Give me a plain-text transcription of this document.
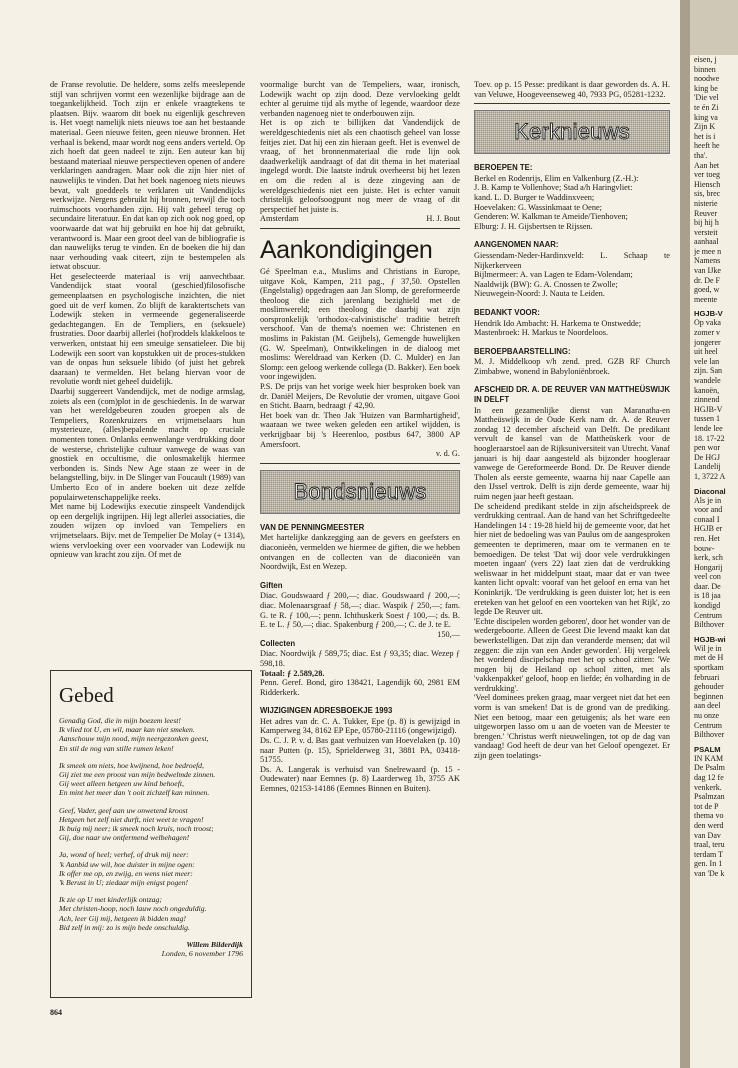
de Franse revolutie. De heldere, soms zelfs meeslepende stijl van schrijven vormt een wezenlijke bijdrage aan de toegankelijkheid. Toch zijn er enkele vraagtekens te plaatsen. Bijv. waarom dit boek nu eigenlijk geschreven is. Het voegt namelijk niets nieuws toe aan het bestaande materiaal. Geen nieuwe feiten, geen nieuwe bronnen. Het verhaal is bekend, maar wordt nog eens anders verteld. Op zich hoeft dat geen nadeel te zijn. Een auteur kan bij bestaand materiaal nieuwe perspectieven openen of andere verklaringen aandragen. Maar ook die zijn hier niet of nauwelijks te vinden. Dat het boek nagenoeg niets nieuws bevat, valt goeddeels te verklaren uit Vandendijcks werkwijze. Nergens gebruikt hij bronnen, terwijl die toch ruimschoots voorhanden zijn. Hij valt geheel terug op secundaire literatuur. En dat kan op zich ook nog goed, op voorwaarde dat wat hij gebruikt en hoe hij dat gebruikt, verantwoord is. Maar een groot deel van de bibliografie is dan nauwelijks terug te vinden. En de boeken die hij dan naar verhouding vaak citeert, zijn te bestempelen als ietwat obscuur.

Het geselecteerde materiaal is vrij aanvechtbaar. Vandendijck staat vooral (geschied)filosofische gemeenplaatsen en psychologische inzichten, die niet goed uit de verf komen. Zo blijft de karaktertschets van Lodewijk steken in vermeende gegeneraliseerde gedachtegangen. En de Templiers, en (seksuele) frustraties. Door daarbij allerlei (hof)roddels klakkeloos te verwerken, ontstaat hij een smeuïge sensatieleer. Die bij Lodewijk een soort van kopstukken uit de proces-stukken van de onpas hun seksuele libido (of juist het gebrek daaraan) te vermelden. Het belang hiervan voor de revolutie wordt niet geheel duidelijk.

Daarbij suggereert Vandendijck, met de nodige armslag, zoiets als een (com)plot in de geschiedenis. In de warwar van het wereldgebeuren zouden groepen als de Tempeliers, Rozenkruizers en vrijmetselaars hun mysterieuze, (alles)bepalende macht op cruciale momenten tonen. Onlanks eenwenlange verdrukking door de westerse, christelijke cultuur vanwege de waas van gnostiek en occultisme, die onlosmakelijk hiermee verbonden is. Sinds New Age staan ze weer in de belangstelling, bijv. in De Slinger van Foucault (1989) van Umberto Eco of in andere boeken uit deze zelfde populairwetenschappelijke reeks.

Met name bij Lodewijks executie zinspeelt Vandendijck op een dergelijk ingrijpen. Hij legt allerlei associaties, die zouden wijzen op invloed van Tempeliers en vrijmetselaars. Bijv. met de Tempelier De Molay (+ 1314), wiens vervloeking over een voorvader van Lodewijk nu opnieuw van kracht zou zijn. Of met de

Gebed
Genadig God, die in mijn boezem leest!
Ik vlied tot U, en wil, maar kan niet smeken.
Aanschouw mijn nood, mijn neergezonken geest,
En stil de nog van stille rumen leken!
Ik smeek om niets, hoe kwijnend, hoe bedroefd,
Gij ziet me een proost van mijn bedwelmde zinnen.
Gij weet alleen hetgeen uw kind behoeft,
En mint het meer dan 't ooit zichzelf kan minnen.
Geef, Vader, geef aan uw onwetend kroost
Hetgeen het zelf niet durft, niet weet te vragen!
Ik buig mij neer; ik smeek noch kruis, noch troost;
Gij, doe naar uw ontfermend welbehagen!
Ja, wond of heel; verhef, of druk mij neer:
'k Aanbid uw wil, hoe duister in mijne ogen:
Ik offer me op, en zwijg, en wens niet meer:
'k Berust in U; ziedaar mijn enigst pogen!
Ik zie op U met kinderlijk ontzag;
Met christen-hoop, noch lauw noch ongeduldig.
Ach, leer Gij mij, hetgeen ik bidden mag!
Bid zelf in mij: zo is mijn bede onschuldig.
Willem Bilderdijk
Londen, 6 november 1796
864

voormalige burcht van de Tempeliers, waar, ironisch, Lodewijk wacht op zijn dood. Deze vervloeking geldt echter al geruime tijd als mythe of legende, waardoor deze verbanden nagenoeg niet te onderbouwen zijn.

Het is op zich te billijken dat Vandendijck de wereldgeschiedenis niet als een chaotisch geheel van losse feitjes ziet. Dat hij een zin hieraan geeft. Het is evenwel de vraag, of het bronnenmateriaal die rode lijn ook daadwerkelijk aandraagt of dat dit thema in het materiaal ingelegd wordt. Die laatste indruk overheerst bij het lezen en om die reden al is deze zingeving aan de wereldgeschiedenis niet een juiste. Het is echter vanuit christelijk geloofsoogpunt nog meer de vraag of dit perspectief het juiste is.

Amsterdam	H. J. Bout
Aankondigingen

Gé Speelman e.a., Muslims and Christians in Europe, uitgave Kok, Kampen, 211 pag., ƒ 37,50. Opstellen (Engelstalig) opgedragen aan Jan Slomp, de gereformeerde theoloog die zich jarenlang bezighield met de moslimwereld; een theoloog die daarbij wat zijn oorspronkelijk 'orthodox-calvinistische' traditie betreft verschoof. Van de thema's noemen we: Christenen en moslims in Pakistan (M. Geijbels), Gemengde huwelijken (G. W. Speelman), Ontwikkelingen in de dialoog met moslims: Wereldraad van Kerken (D. C. Mulder) en Jan Slomp: een geloog werkende collega (D. Bakker). Een boek voor ingewijden.

P.S. De prijs van het vorige week hier besproken boek van dr. Daniël Meijers, De Revolutie der vromen, uitgave Gooi en Sticht. Baarn, bedraagt ƒ 42,90.

Het boek van dr. Theo Jak 'Huizen van Barmhartigheid', waaraan we twee weken geleden een artikel wijdden, is verkrijgbaar bij 's Heerenloo, postbus 647, 3800 AP Amersfoort.

v. d. G.

Bondsnieuws
VAN DE PENNINGMEESTER

Met hartelijke dankzegging aan de gevers en geefsters en diaconieën, vermelden we hiermee de giften, die we hebben ontvangen en de collecten van de diaconieën van Noordwijk, Est en Wezep.

Giften

Diac. Goudswaard ƒ 200,—; diac. Goudswaard ƒ 200,—; diac. Molenaarsgraaf ƒ 58,—; diac. Waspik ƒ 250,—; fam. G. te R. ƒ 100,—; penn. Ichthuskerk Soest ƒ 100,—; ds. B. E. te L. ƒ 50,—; diac. Spakenburg ƒ 200,—; C. de J. te E.
150,—

Collecten

Diac. Noordwijk ƒ 589,75; diac. Est ƒ 93,35; diac. Wezep ƒ 598,18.

Totaal: ƒ 2.589,28.

Penn. Geref. Bond, giro 138421, Lagendijk 60, 2981 EM Ridderkerk.

WIJZIGINGEN ADRESBOEKJE 1993

Het adres van dr. C. A. Tukker, Epe (p. 8) is gewijzigd in Kamperweg 34, 8162 EP Epe, 05780-21116 (ongewijzigd).

Ds. C. J. P. v. d. Bas gaat verhuizen van Hoevelaken (p. 10) naar Putten (p. 15), Sprielderweg 31, 3881 PA, 03418-51755.

Ds. A. Langerak is verhuisd van Snelrewaard (p. 15 - Oudewater) naar Eemnes (p. 8) Laarderweg 1b, 3755 AK Eemnes, 02153-14186 (Eemnes Binnen en Buiten).

Toev. op p. 15 Pesse: predikant is daar geworden ds. A. H. van Veluwe, Hoogeveenseweg 40, 7933 PG, 05281-1232.

Kerknieuws
BEROEPEN TE:

Berkel en Rodenrijs, Elim en Valkenburg (Z.-H.):

J. B. Kamp te Vollenhove; Stad a/h Haringvliet:

kand. L. D. Burger te Waddinxveen;

Hoevelaken: G. Wassinkmaat te Oene;

Genderen: W. Kalkman te Ameide/Tienhoven;

Elburg: J. H. Gijsbertsen te Rijssen.

AANGENOMEN NAAR:

Giessendam-Neder-Hardinxveld: L. Schaap te Nijkerkerveen

Bijlmermeer: A. van Lagen te Edam-Volendam;

Naaldwijk (BW): G. A. Cnossen te Zwolle;

Nieuwegein-Noord: J. Nauta te Leiden.

BEDANKT VOOR:

Hendrik Ido Ambacht: H. Harkema te Onstwedde;

Mastenbroek: H. Markus te Noordeloos.

BEROEPBAARSTELLING:

M. J. Middelkoop v/h zend. pred. GZB RF Church Zimbabwe, wonend in Babyloniënbroek.

AFSCHEID DR. A. DE REUVER VAN MATTHEÜSWIJK IN DELFT

In een gezamenlijke dienst van Maranatha-en Mattheüswijk in de Oude Kerk nam dr. A. de Reuver zondag 12 december afscheid van Delft. De predikant vervult de kansel van de Mattheüskerk voor de hoogleraarstoel aan de Rijksuniversiteit van Utrecht. Vanaf januari is hij daar aangesteld als bijzonder hoogleraar vanwege de Gereformeerde Bond. Dr. De Reuver diende Tholen als eerste gemeente, waarna hij naar Capelle aan den IJssel vertrok. Delft is zijn derde gemeente, waar hij ruim negen jaar heeft gestaan.

De scheidend predikant stelde in zijn afscheidspreek de verdrukking centraal. Aan de hand van het Schriftgedeelte Handelingen 14 : 19-28 hield hij de gemeente voor, dat het hier niet de bedoeling was van Paulus om de aangesproken gemeenten te deprimeren, maar om te vermanen en te bemoedigen. De tekst 'Dat wij door vele verdrukkingen moeten ingaan' (vers 22) laat zien dat de verdrukking weliswaar in het middelpunt staat, maar dat er van twee kanten licht opvalt: vooraf van het geloof en erna van het Koninkrijk. 'De verdrukking is geen duister lot; het is een ereteken van het geloof en een voorteken van het Rijk', zo legde De Reuver uit.

'Echte discipelen worden geboren', door het wonder van de wedergeboorte. Alleen de Geest Die levend maakt kan dat bewerkstelligen. Dat zijn dan veranderde mensen; dat wil zeggen: die zijn van een Ander geworden'. Hij vergeleek het wordend discipelschap met het op school zitten: 'We mogen bij de Heiland op school zitten, met als 'vakkenpakket' geloof, hoop en liefde; én volharding in de verdrukking'.

'Veel dominees preken graag, maar vergeet niet dat het een vorm is van smeken! Dat is de grond van de prediking. Niet een betoog, maar een getuigenis; als het ware een uitgeworpen lasso om u aan de voeten van de Meester te brengen.' 'Christus werft nieuwelingen, tot op de dag van vandaag! God heeft de deur van het Geloof opengezet. Er zijn geen toelatings-

eisen, j
binnen
noodwe
king be
'Die vel
te én Zi
king va
Zijn K
het is i
heeft he
tha'.
Aan het
ver toeg
Hiensch
sis, brec
nisterie
Reuver
bij hij h
versteit
aanhaal
je mee n
Namens
van IJke
dr. De F
goed, w
meente
HGJB-V
Op vaka
zomer v
jongerer
uit heel
vele lan
zijn. San
wandele
kanoën,
zinnend
HGJB-V
tussen 1
lende lee
18. 17-22
pen wor
De HGJ
Landelij
1, 3722 A
Diaconal
Als je in
voor and
conaal I
HGJB er
ren. Het
bouw-
kerk, sch
Hongarij
veel con
daar. De
is 18 jaa
kondigd
Centrum
Bilthover
HGJB-wi
Wil je in
met de H
sportkam
februari
gehouder
beginnen
aan deel
nu onze
Centrum
Bilthover
PSALM
IN KAM
De Psalm
dag 12 fe
venkerk.
Psalmzan
tot de P
thema vo
den werd
van Dav
traal, teru
terdam T
gen. In 1
van 'De k
